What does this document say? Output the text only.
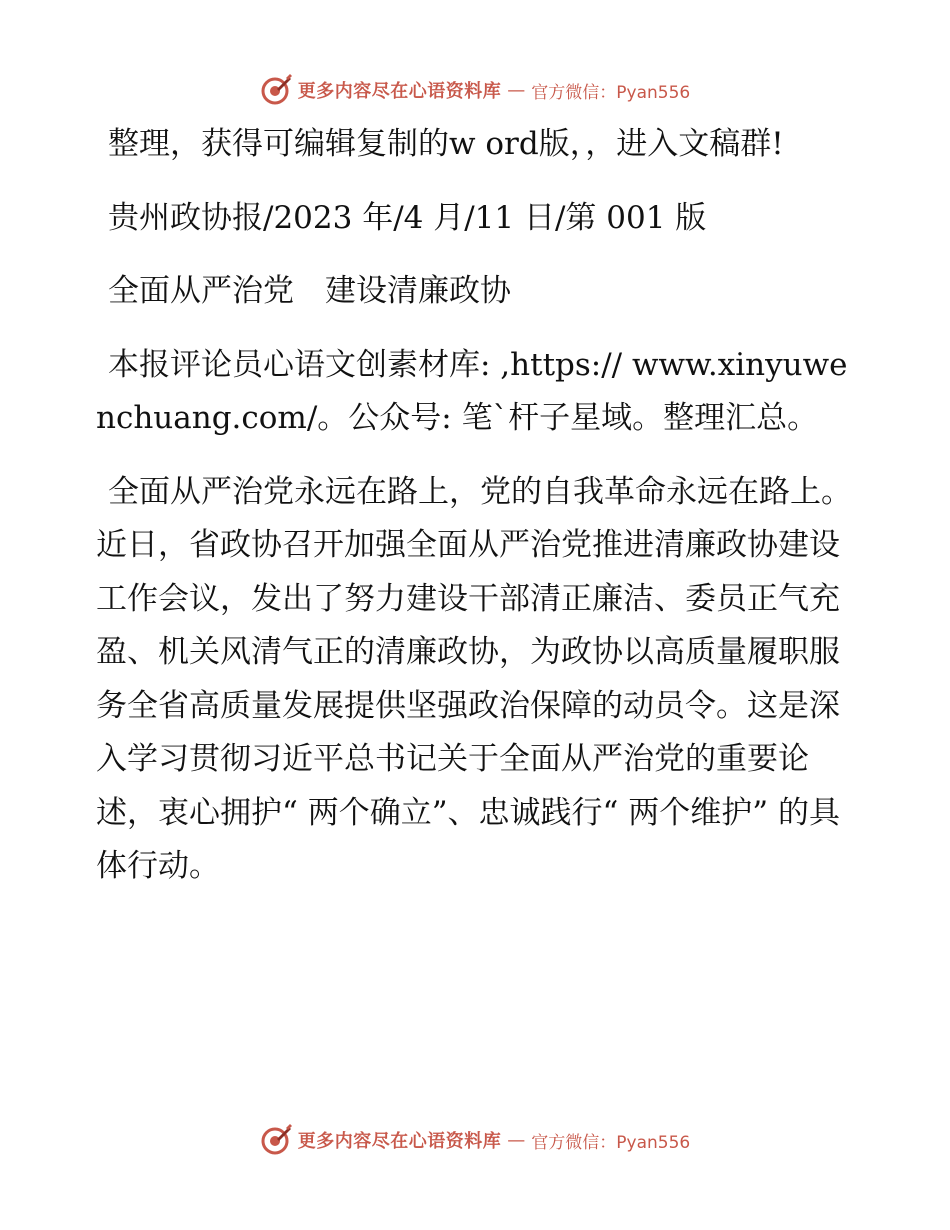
更多内容尽在心语资料库 — 官方微信：Pyan556

整理，获得可编辑复制的w ord版，，进入文稿群!

贵州政协报/2023 年/4 月/11 日/第 001 版

全面从严治党　建设清廉政协

本报评论员心语文创素材库: ,https:// www.xinyuwenchuang.com/。公众号: 笔`杆子星域。整理汇总。

全面从严治党永远在路上，党的自我革命永远在路上。近日，省政协召开加强全面从严治党推进清廉政协建设工作会议，发出了努力建设干部清正廉洁、委员正气充盈、机关风清气正的清廉政协，为政协以高质量履职服务全省高质量发展提供坚强政治保障的动员令。这是深入学习贯彻习近平总书记关于全面从严治党的重要论述，衷心拥护“ 两个确立”、忠诚践行“ 两个维护” 的具体行动。

更多内容尽在心语资料库 — 官方微信：Pyan556
